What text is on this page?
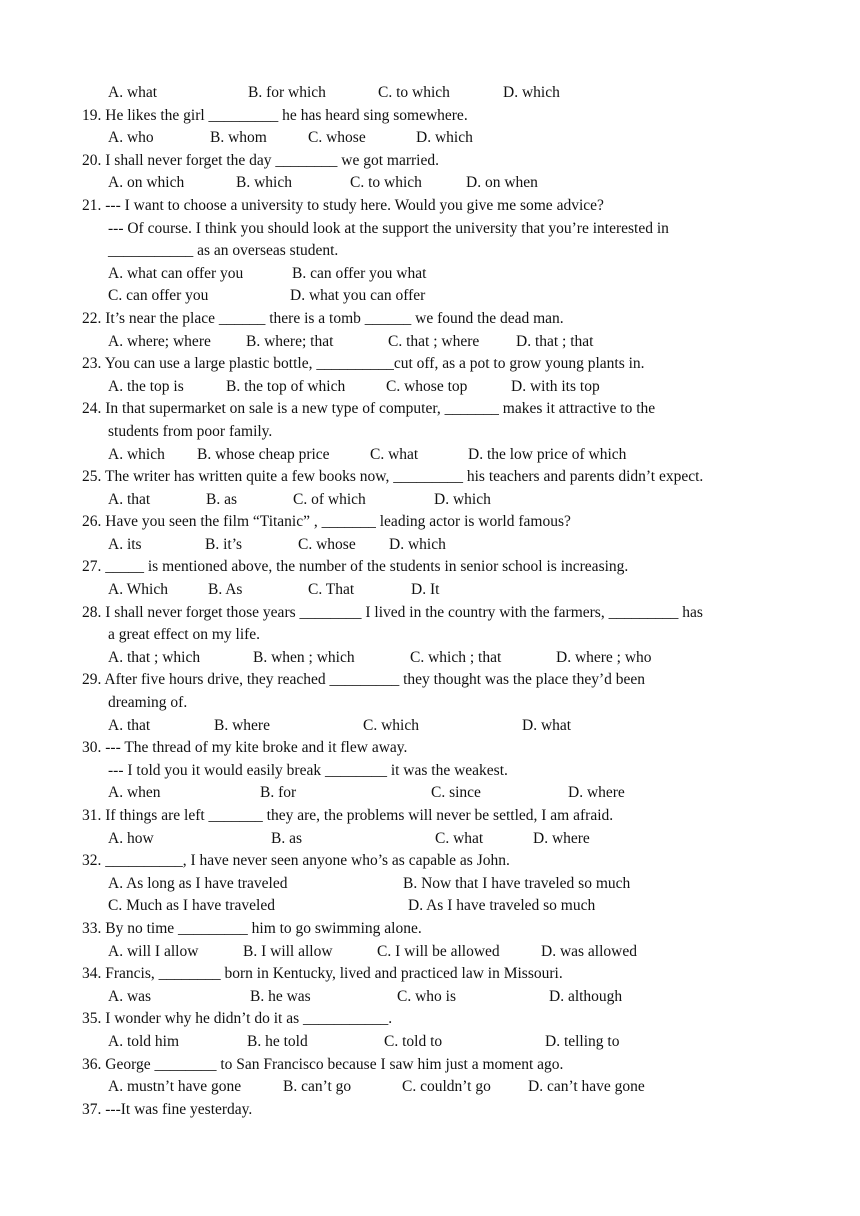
A. what	B. for which	C. to which	D. which
19. He likes the girl _________ he has heard sing somewhere.
A. who	B. whom	C. whose	D. which
20. I shall never forget the day ________ we got married.
A. on which	B. which	C. to which	D. on when
21. --- I want to choose a university to study here. Would you give me some advice?
--- Of course. I think you should look at the support the university that you’re interested in
___________ as an overseas student.
A. what can offer you	B. can offer you what
C. can offer you	D. what you can offer
22. It’s near the place ______ there is a tomb ______ we found the dead man.
A. where; where B. where; that	C. that ; where D. that ; that
23. You can use a large plastic bottle, __________cut off, as a pot to grow young plants in.
A. the top is	B. the top of which	C. whose top	D. with its top
24. In that supermarket on sale is a new type of computer, _______ makes it attractive to the
students from poor family.
A. which B. whose cheap price	C. what	D. the low price of which
25. The writer has written quite a few books now, _________ his teachers and parents didn’t expect.
A. that	B. as	C. of which	D. which
26. Have you seen the film “Titanic” , _______ leading actor is world famous?
A. its	B. it’s	C. whose D. which
27. _____ is mentioned above, the number of the students in senior school is increasing.
A. Which	B. As	C. That	D. It
28. I shall never forget those years ________ I lived in the country with the farmers, _________ has
a great effect on my life.
A. that ; which	B. when ; which	C. which ; that	D. where ; who
29. After five hours drive, they reached _________ they thought was the place they’d been
dreaming of.
A. that	B. where	C. which	D. what
30. --- The thread of my kite broke and it flew away.
--- I told you it would easily break ________ it was the weakest.
A. when	B. for	C. since	D. where
31. If things are left _______ they are, the problems will never be settled, I am afraid.
A. how	B. as	C. what	D. where
32. __________, I have never seen anyone who’s as capable as John.
A. As long as I have traveled	B. Now that I have traveled so much
C. Much as I have traveled	D. As I have traveled so much
33. By no time _________ him to go swimming alone.
A. will I allow	B. I will allow	C. I will be allowed	D. was allowed
34. Francis, ________ born in Kentucky, lived and practiced law in Missouri.
A. was	B. he was	C. who is	D. although
35. I wonder why he didn’t do it as ___________.
A. told him	B. he told	C. told to	D. telling to
36. George ________ to San Francisco because I saw him just a moment ago.
A. mustn’t have gone	B. can’t go	C. couldn’t go D. can’t have gone
37. ---It was fine yesterday.
